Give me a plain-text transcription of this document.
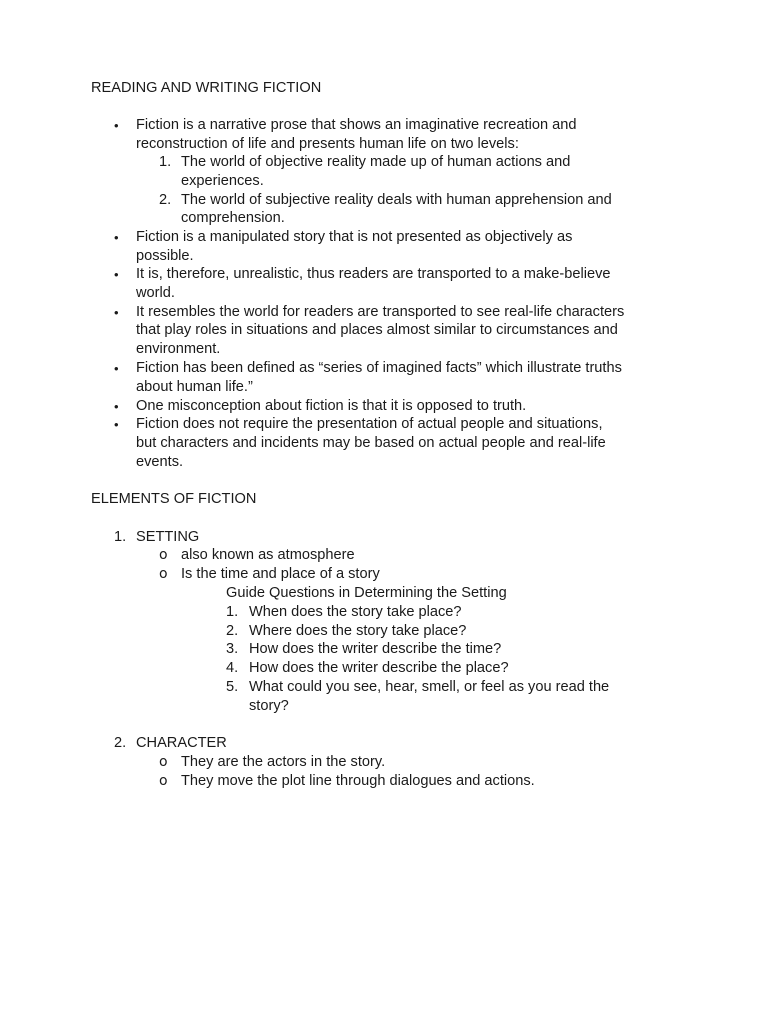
READING AND WRITING FICTION
• Fiction is a narrative prose that shows an imaginative recreation and
reconstruction of life and presents human life on two levels:
1. The world of objective reality made up of human actions and
experiences.
2. The world of subjective reality deals with human apprehension and
comprehension.
• Fiction is a manipulated story that is not presented as objectively as
possible.
• It is, therefore, unrealistic, thus readers are transported to a make-believe
world.
• It resembles the world for readers are transported to see real-life characters
that play roles in situations and places almost similar to circumstances and
environment.
• Fiction has been defined as “series of imagined facts” which illustrate truths
about human life.”
• One misconception about fiction is that it is opposed to truth.
• Fiction does not require the presentation of actual people and situations,
but characters and incidents may be based on actual people and real-life
events.
ELEMENTS OF FICTION
1. SETTING
o also known as atmosphere
o Is the time and place of a story
Guide Questions in Determining the Setting
1. When does the story take place?
2. Where does the story take place?
3. How does the writer describe the time?
4. How does the writer describe the place?
5. What could you see, hear, smell, or feel as you read the
story?
2. CHARACTER
o They are the actors in the story.
o They move the plot line through dialogues and actions.
